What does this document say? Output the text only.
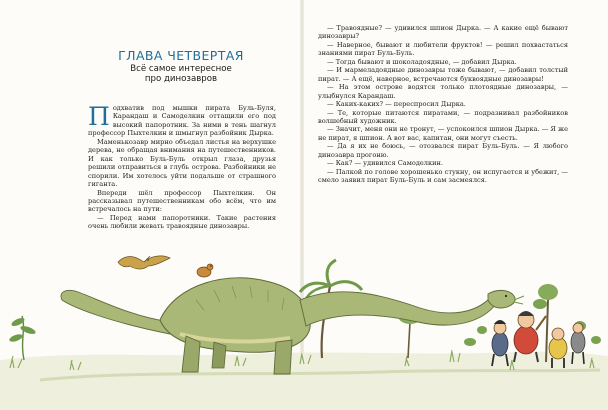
ГЛАВА ЧЕТВЕРТАЯ
Всё самое интересное
про динозавров

Подхватив под мышки пирата Буль-Буля, Карандаш и Самоделкин оттащили его под высокий папоротник. За ними в тень шагнул профессор Пыхтелкин и шмыгнул разбойник Дырка.

Маменькозавр мирно объедал листья на верхушке дерева, не обращая внимания на путешественников. И как только Буль-Буль открыл глаза, друзья решили отправиться в глубь острова. Разбойники не спорили. Им хотелось уйти подальше от страшного гиганта.

Впереди шёл профессор Пыхтелкин. Он рассказывал путешественникам обо всём, что им встречалось на пути:

— Перед нами папоротники. Такие растения очень любили жевать травоядные динозавры.

— Травоядные? — удивился шпион Дырка. — А какие ещё бывают динозавры?

— Наверное, бывают и любители фруктов! — решил похвастаться знаниями пират Буль-Буль.

— Тогда бывают и шоколадоядные, — добавил Дырка.

— И мармеладоядные динозавры тоже бывают, — добавил толстый пират. — А ещё, наверное, встречаются буквоядные динозавры!

— На этом острове водятся только плотоядные динозавры, — улыбнулся Карандаш.

— Каких-каких? — переспросил Дырка.

— Те, которые питаются пиратами, — подразнивал разбойников волшебный художник.

— Значит, меня они не тронут, — успокоился шпион Дырка. — Я же не пират, я шпион. А вот вас, капитан, они могут съесть.

— Да я их не боюсь, — отозвался пират Буль-Буль. — Я любого динозавра прогоню.

— Как? — удивился Самоделкин.

— Палкой по голове хорошенько стукну, он испугается и убежит, — смело заявил пират Буль-Буль и сам засмеялся.
